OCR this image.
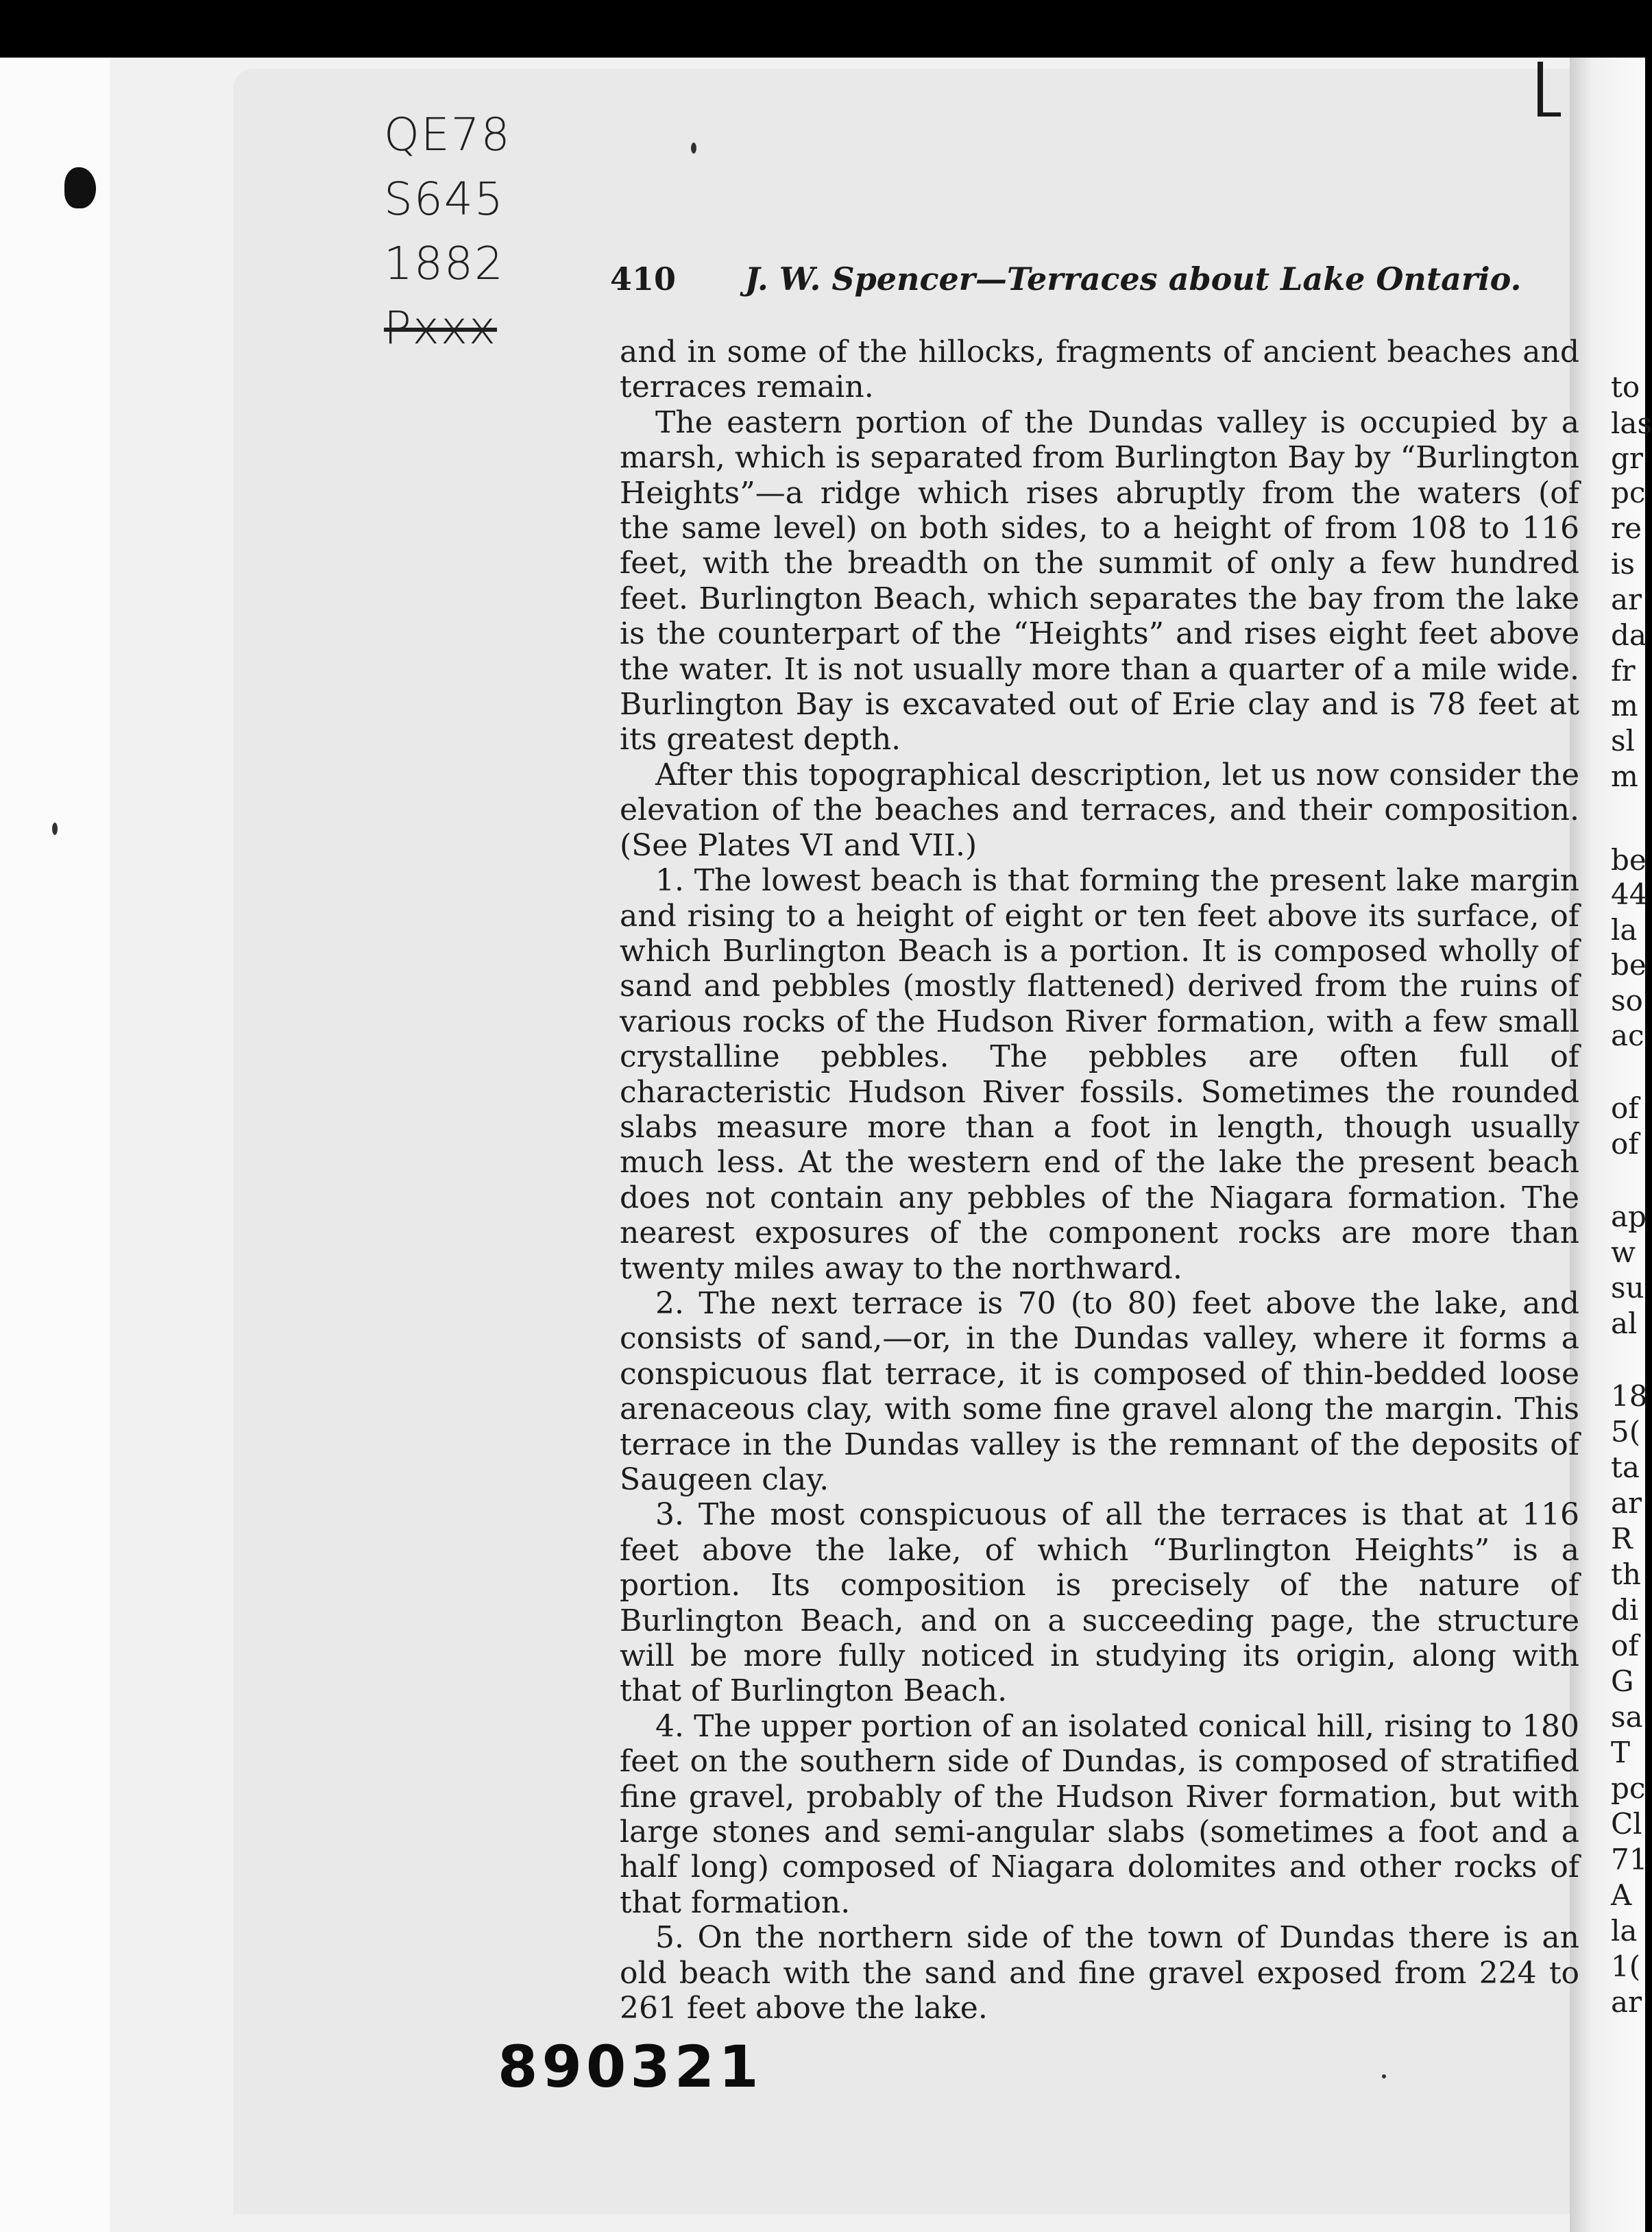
QE78
S645
1882
Pxxx
410 J. W. Spencer—Terraces about Lake Ontario.

and in some of the hillocks, fragments of ancient beaches and terraces remain.

The eastern portion of the Dundas valley is occupied by a marsh, which is separated from Burlington Bay by “Burlington Heights”—a ridge which rises abruptly from the waters (of the same level) on both sides, to a height of from 108 to 116 feet, with the breadth on the summit of only a few hundred feet. Burlington Beach, which separates the bay from the lake is the counterpart of the “Heights” and rises eight feet above the water. It is not usually more than a quarter of a mile wide. Burlington Bay is excavated out of Erie clay and is 78 feet at its greatest depth.

After this topographical description, let us now consider the elevation of the beaches and terraces, and their composition. (See Plates VI and VII.)

1. The lowest beach is that forming the present lake margin and rising to a height of eight or ten feet above its surface, of which Burlington Beach is a portion. It is composed wholly of sand and pebbles (mostly flattened) derived from the ruins of various rocks of the Hudson River formation, with a few small crystalline pebbles. The pebbles are often full of characteristic Hudson River fossils. Sometimes the rounded slabs measure more than a foot in length, though usually much less. At the western end of the lake the present beach does not contain any pebbles of the Niagara formation. The nearest exposures of the component rocks are more than twenty miles away to the northward.

2. The next terrace is 70 (to 80) feet above the lake, and consists of sand,—or, in the Dundas valley, where it forms a conspicuous flat terrace, it is composed of thin-bedded loose arenaceous clay, with some fine gravel along the margin. This terrace in the Dundas valley is the remnant of the deposits of Saugeen clay.

3. The most conspicuous of all the terraces is that at 116 feet above the lake, of which “Burlington Heights” is a portion. Its composition is precisely of the nature of Burlington Beach, and on a succeeding page, the structure will be more fully noticed in studying its origin, along with that of Burlington Beach.

4. The upper portion of an isolated conical hill, rising to 180 feet on the southern side of Dundas, is composed of stratified fine gravel, probably of the Hudson River formation, but with large stones and semi-angular slabs (sometimes a foot and a half long) composed of Niagara dolomites and other rocks of that formation.

5. On the northern side of the town of Dundas there is an old beach with the sand and fine gravel exposed from 224 to 261 feet above the lake.

to
las
gr
pc
re
is
ar
da
fr
m
sl
m
be
44
la
be
so
ac
of
of
ap
w
su
al
18
5(
ta
ar
R
th
di
of
G
sa
T
pc
Cl
71
A
la
1(
ar
890321
